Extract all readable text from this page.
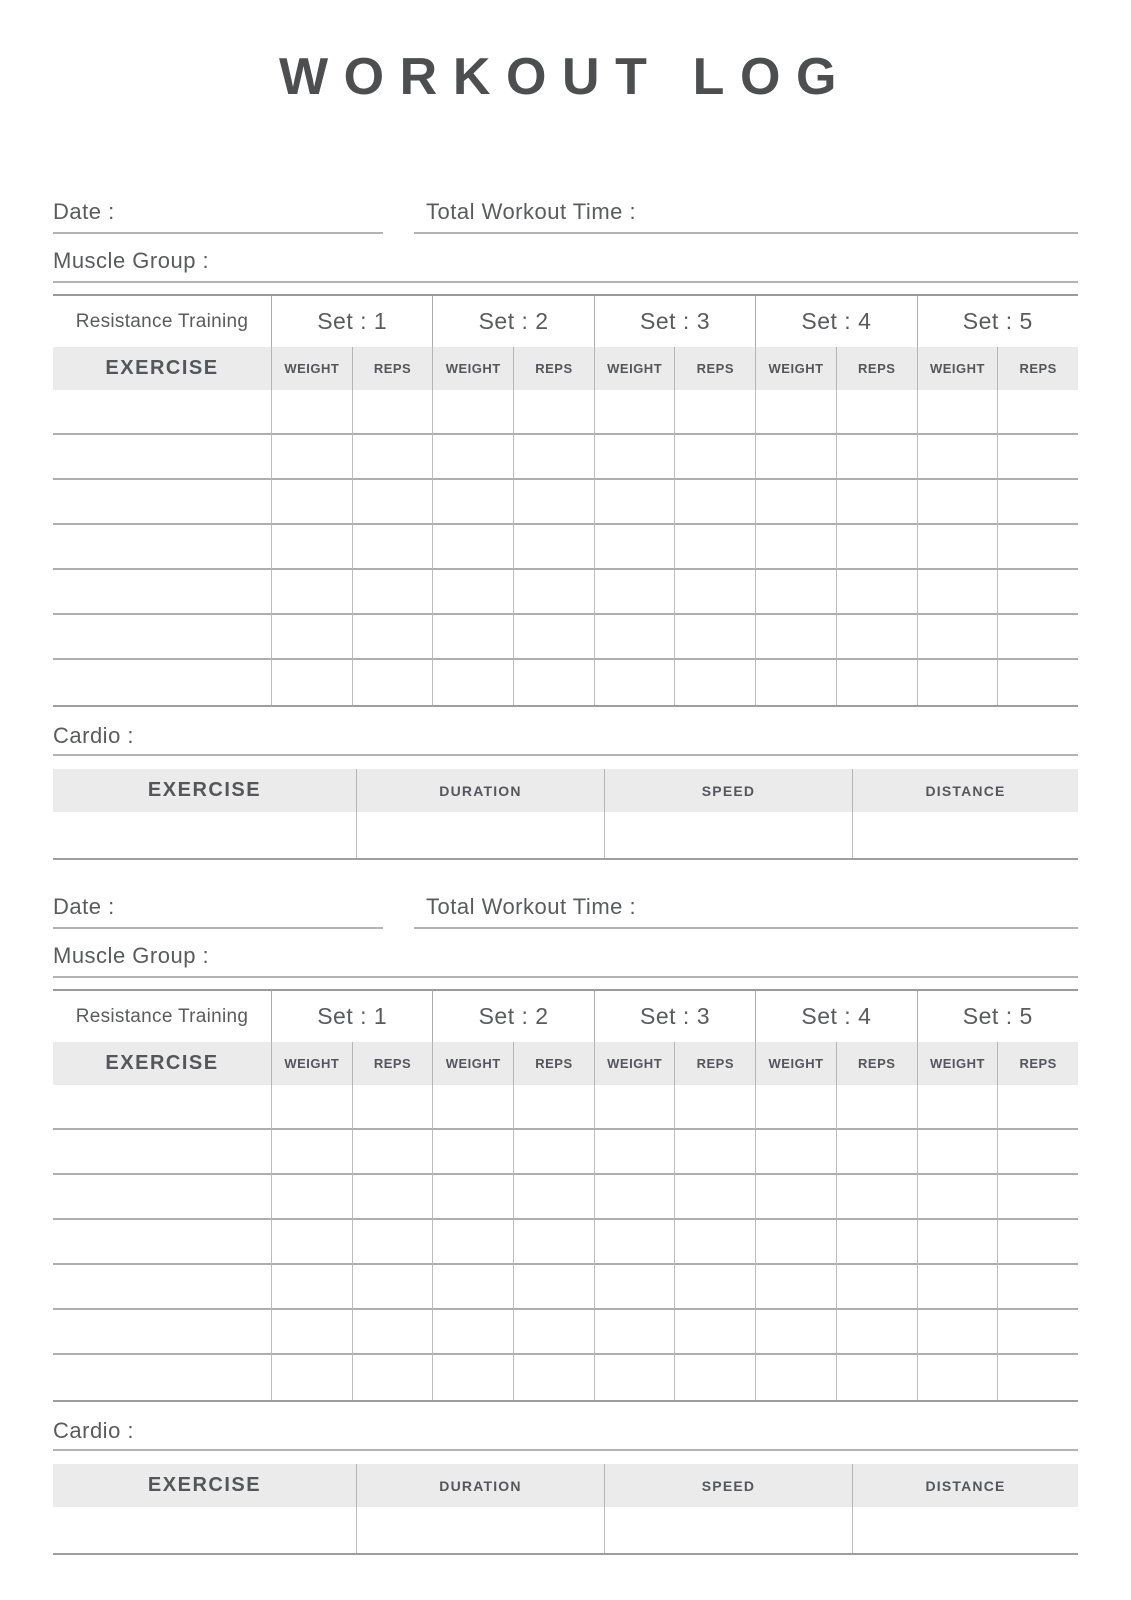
WORKOUT LOG
Date :	Total Workout Time :
Muscle Group :
Resistance Training	Set : 1	Set : 2	Set : 3	Set : 4	Set : 5
EXERCISE	WEIGHT	REPS	WEIGHT	REPS	WEIGHT	REPS	WEIGHT	REPS	WEIGHT	REPS
Cardio :
EXERCISE	DURATION	SPEED	DISTANCE
Date :	Total Workout Time :
Muscle Group :
Resistance Training	Set : 1	Set : 2	Set : 3	Set : 4	Set : 5
EXERCISE	WEIGHT	REPS	WEIGHT	REPS	WEIGHT	REPS	WEIGHT	REPS	WEIGHT	REPS
Cardio :
EXERCISE	DURATION	SPEED	DISTANCE
